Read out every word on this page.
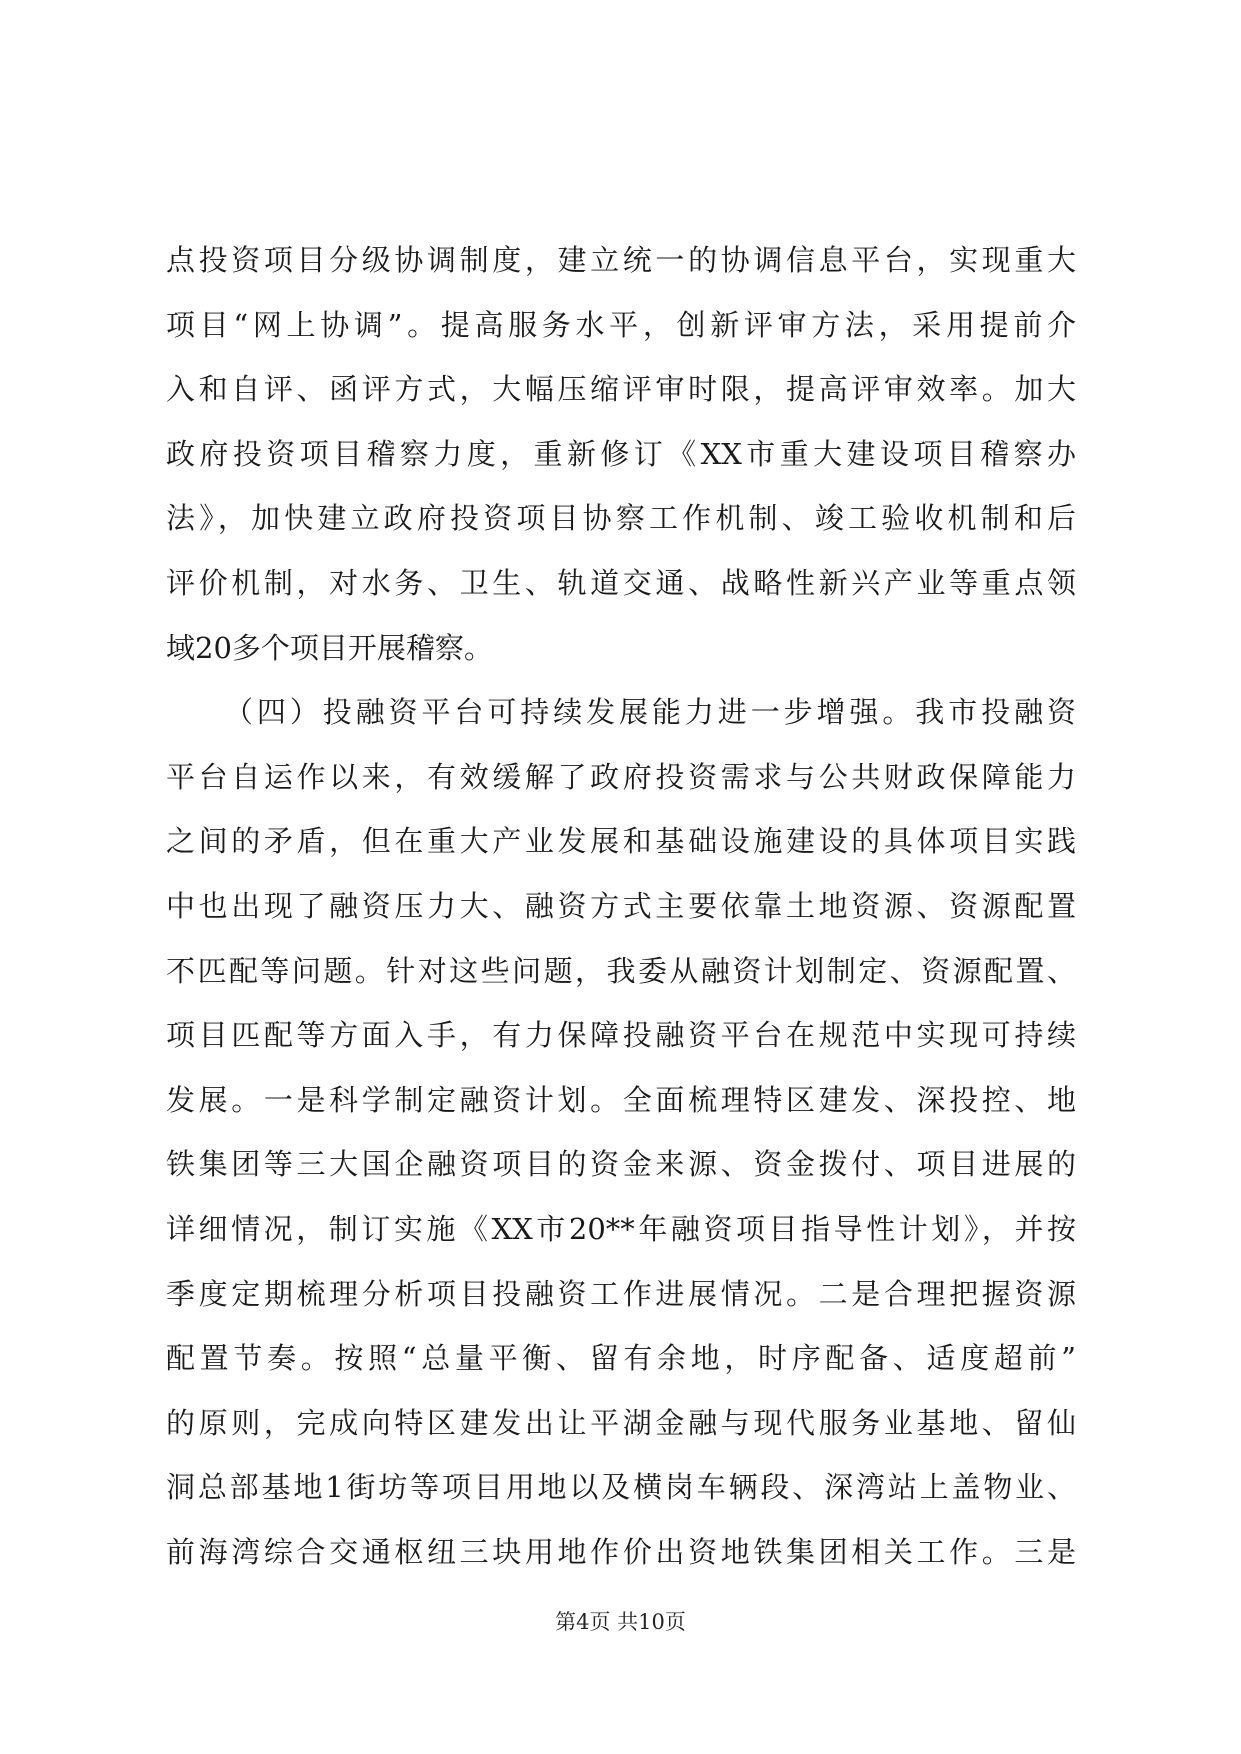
点投资项目分级协调制度，建立统一的协调信息平台，实现重大
项目“网上协调”。提高服务水平，创新评审方法，采用提前介
入和自评、函评方式，大幅压缩评审时限，提高评审效率。加大
政府投资项目稽察力度，重新修订《XX市重大建设项目稽察办
法》，加快建立政府投资项目协察工作机制、竣工验收机制和后
评价机制，对水务、卫生、轨道交通、战略性新兴产业等重点领
域20多个项目开展稽察。
（四）投融资平台可持续发展能力进一步增强。我市投融资
平台自运作以来，有效缓解了政府投资需求与公共财政保障能力
之间的矛盾，但在重大产业发展和基础设施建设的具体项目实践
中也出现了融资压力大、融资方式主要依靠土地资源、资源配置
不匹配等问题。针对这些问题，我委从融资计划制定、资源配置、
项目匹配等方面入手，有力保障投融资平台在规范中实现可持续
发展。一是科学制定融资计划。全面梳理特区建发、深投控、地
铁集团等三大国企融资项目的资金来源、资金拨付、项目进展的
详细情况，制订实施《XX市20**年融资项目指导性计划》，并按
季度定期梳理分析项目投融资工作进展情况。二是合理把握资源
配置节奏。按照“总量平衡、留有余地，时序配备、适度超前”
的原则，完成向特区建发出让平湖金融与现代服务业基地、留仙
洞总部基地1街坊等项目用地以及横岗车辆段、深湾站上盖物业、
前海湾综合交通枢纽三块用地作价出资地铁集团相关工作。三是
第4页 共10页
